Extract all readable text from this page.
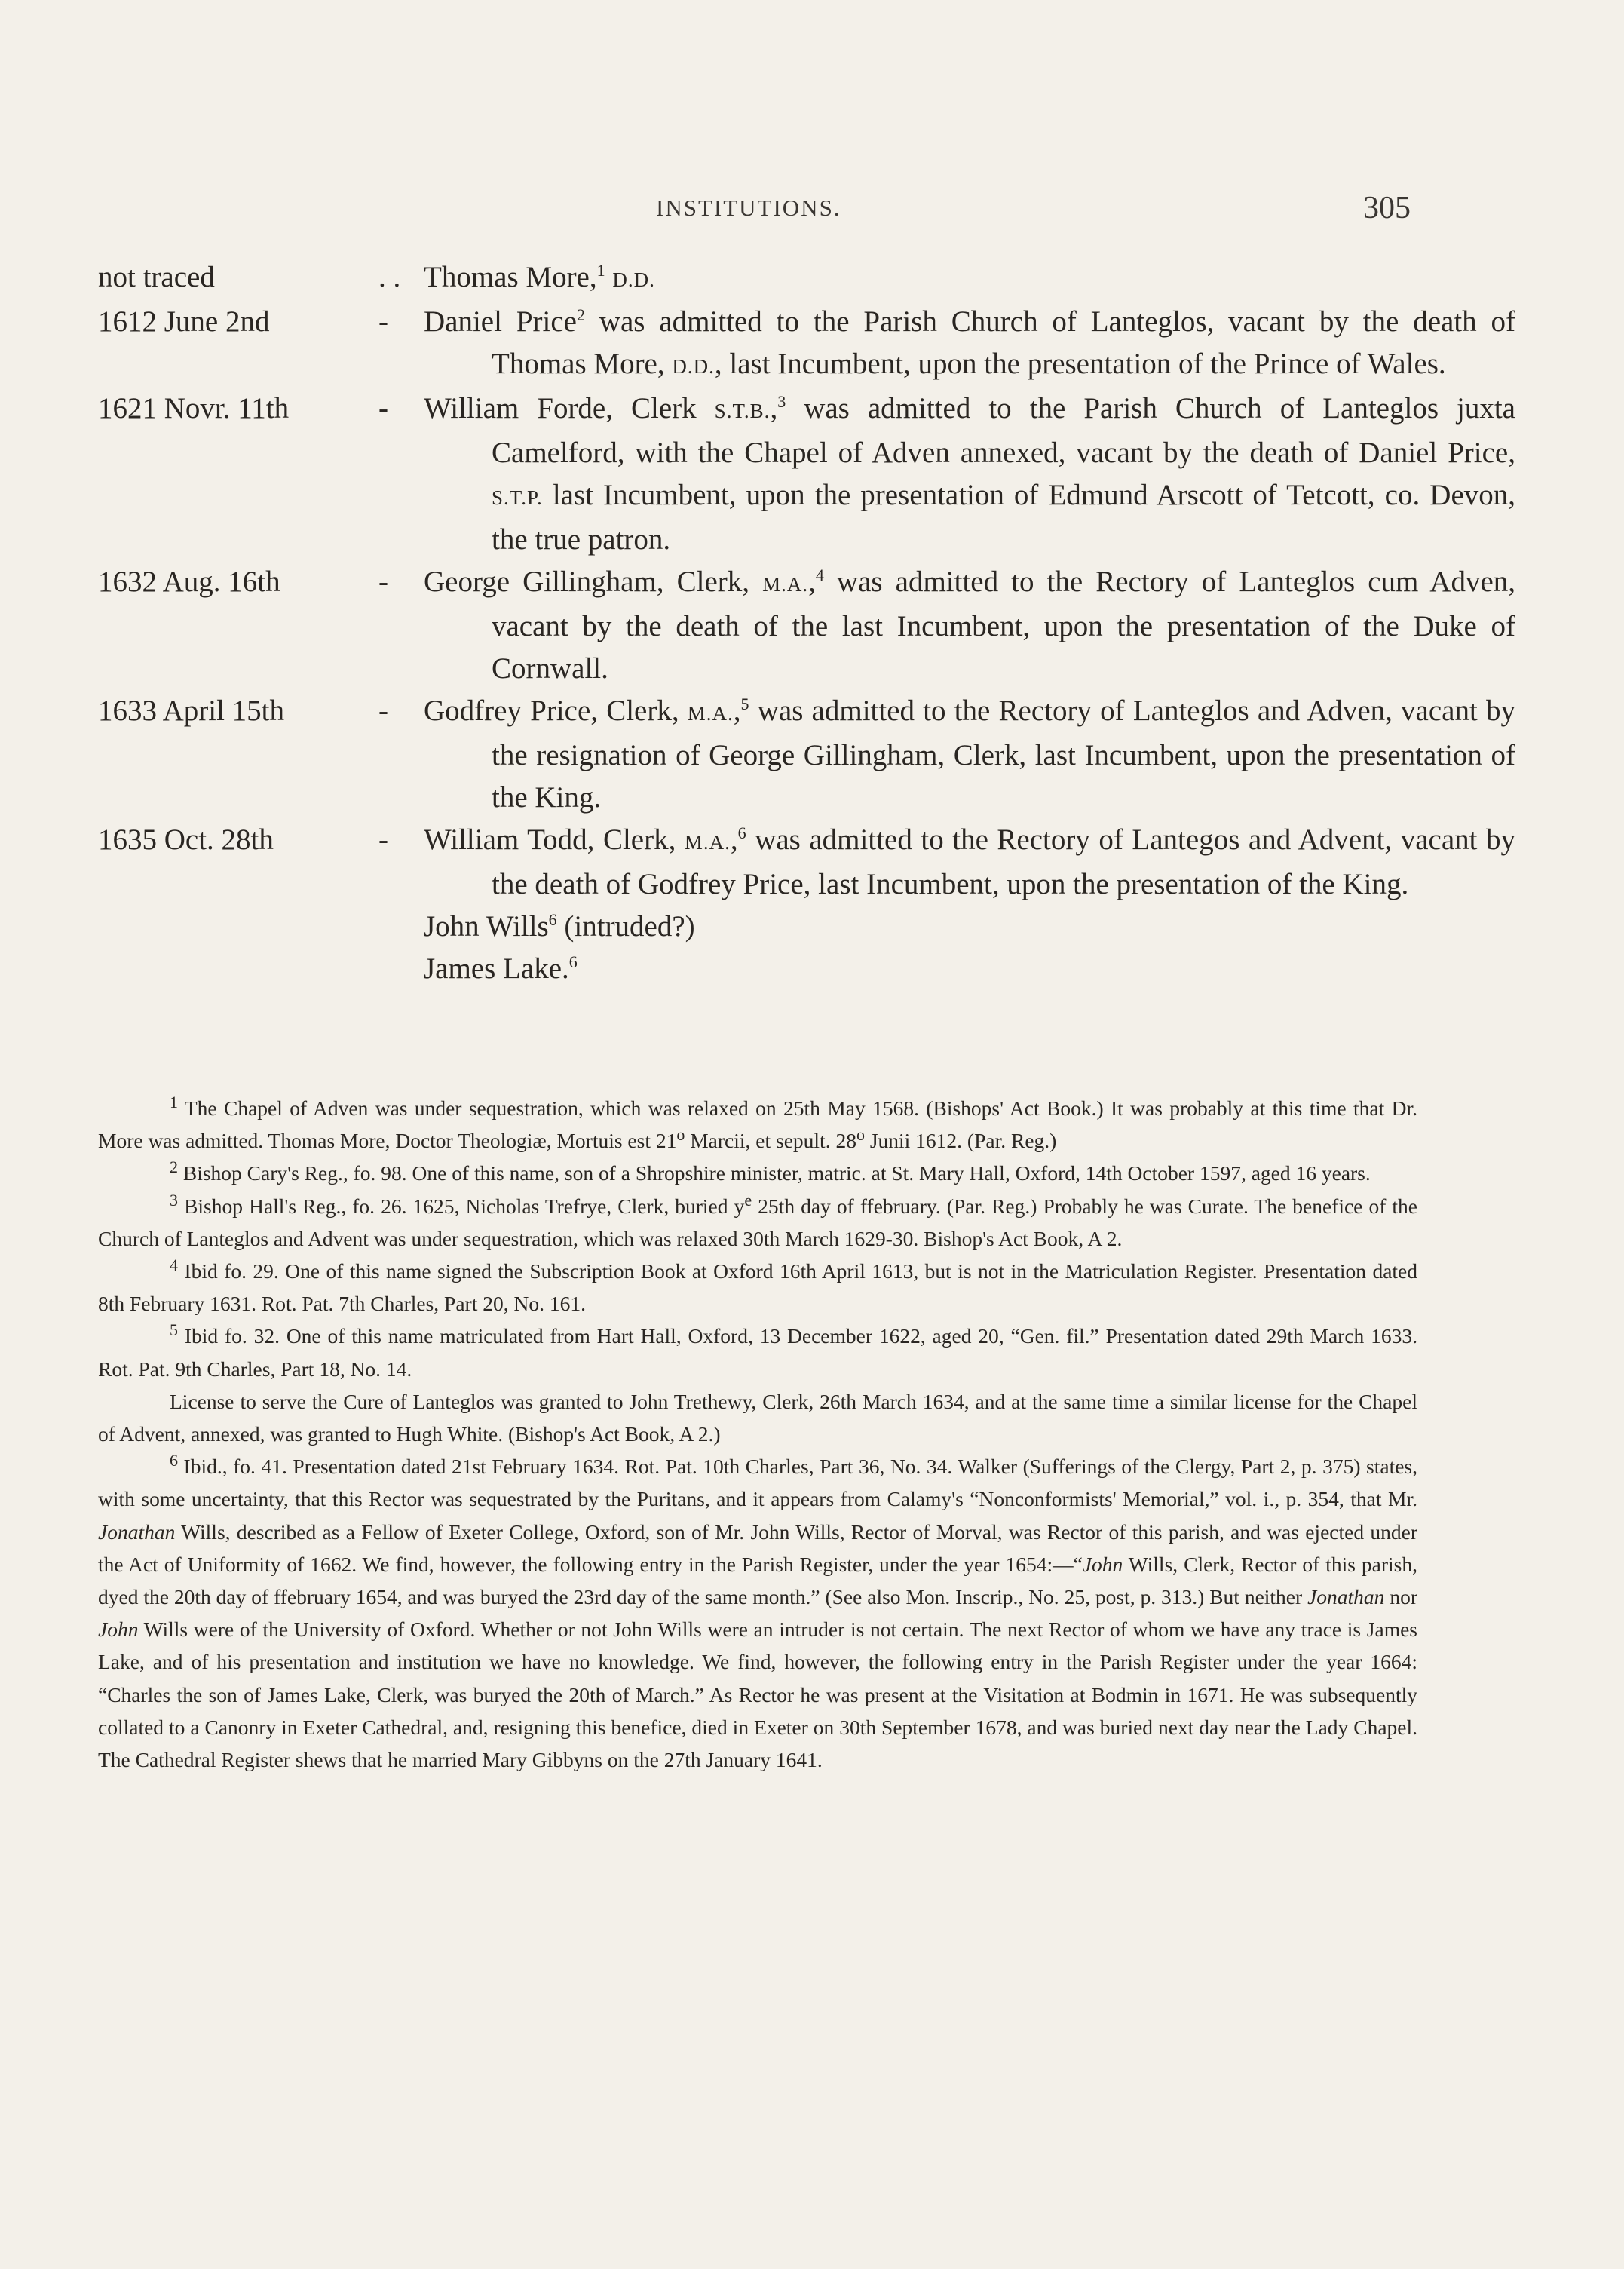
INSTITUTIONS.	305
not traced	. . Thomas More,$^1$ D.D.
1612 June 2nd	- Daniel Price$^2$ was admitted to the Parish Church of Lanteglos, vacant by the death of Thomas More, D.D., last Incumbent, upon the presentation of the Prince of Wales.
1621 Novr. 11th	- William Forde, Clerk S.T.B.,$^3$ was admitted to the Parish Church of Lanteglos juxta Camelford, with the Chapel of Adven annexed, vacant by the death of Daniel Price, S.T.P. last Incumbent, upon the presentation of Edmund Arscott of Tetcott, co. Devon, the true patron.
1632 Aug. 16th	- George Gillingham, Clerk, M.A.,$^4$ was admitted to the Rectory of Lanteglos cum Adven, vacant by the death of the last Incumbent, upon the presentation of the Duke of Cornwall.
1633 April 15th	- Godfrey Price, Clerk, M.A.,$^5$ was admitted to the Rectory of Lanteglos and Adven, vacant by the resignation of George Gillingham, Clerk, last Incumbent, upon the presentation of the King.
1635 Oct. 28th	- William Todd, Clerk, M.A.,$^6$ was admitted to the Rectory of Lantegos and Advent, vacant by the death of Godfrey Price, last Incumbent, upon the presentation of the King.
John Wills$^6$ (intruded?)
James Lake.$^6$

$^1$ The Chapel of Adven was under sequestration, which was relaxed on 25th May 1568. (Bishops' Act Book.) It was probably at this time that Dr. More was admitted. Thomas More, Doctor Theologiæ, Mortuis est 21$^o$ Marcii, et sepult. 28$^o$ Junii 1612. (Par. Reg.)

$^2$ Bishop Cary's Reg., fo. 98. One of this name, son of a Shropshire minister, matric. at St. Mary Hall, Oxford, 14th October 1597, aged 16 years.

$^3$ Bishop Hall's Reg., fo. 26. 1625, Nicholas Trefrye, Clerk, buried $y^e$ 25th day of ffebruary. (Par. Reg.) Probably he was Curate. The benefice of the Church of Lanteglos and Advent was under sequestration, which was relaxed 30th March 1629-30. Bishop's Act Book, A 2.

$^4$ Ibid fo. 29. One of this name signed the Subscription Book at Oxford 16th April 1613, but is not in the Matriculation Register. Presentation dated 8th February 1631. Rot. Pat. 7th Charles, Part 20, No. 161.

$^5$ Ibid fo. 32. One of this name matriculated from Hart Hall, Oxford, 13 December 1622, aged 20, “Gen. fil.” Presentation dated 29th March 1633. Rot. Pat. 9th Charles, Part 18, No. 14.

License to serve the Cure of Lanteglos was granted to John Trethewy, Clerk, 26th March 1634, and at the same time a similar license for the Chapel of Advent, annexed, was granted to Hugh White. (Bishop's Act Book, A 2.)

$^6$ Ibid., fo. 41. Presentation dated 21st February 1634. Rot. Pat. 10th Charles, Part 36, No. 34. Walker (Sufferings of the Clergy, Part 2, p. 375) states, with some uncertainty, that this Rector was sequestrated by the Puritans, and it appears from Calamy's “Nonconformists' Memorial,” vol. i., p. 354, that Mr. Jonathan Wills, described as a Fellow of Exeter College, Oxford, son of Mr. John Wills, Rector of Morval, was Rector of this parish, and was ejected under the Act of Uniformity of 1662. We find, however, the following entry in the Parish Register, under the year 1654:—“John Wills, Clerk, Rector of this parish, dyed the 20th day of ffebruary 1654, and was buryed the 23rd day of the same month.” (See also Mon. Inscrip., No. 25, post, p. 313.) But neither Jonathan nor John Wills were of the University of Oxford. Whether or not John Wills were an intruder is not certain. The next Rector of whom we have any trace is James Lake, and of his presentation and institution we have no knowledge. We find, however, the following entry in the Parish Register under the year 1664: “Charles the son of James Lake, Clerk, was buryed the 20th of March.” As Rector he was present at the Visitation at Bodmin in 1671. He was subsequently collated to a Canonry in Exeter Cathedral, and, resigning this benefice, died in Exeter on 30th September 1678, and was buried next day near the Lady Chapel. The Cathedral Register shews that he married Mary Gibbyns on the 27th January 1641.
